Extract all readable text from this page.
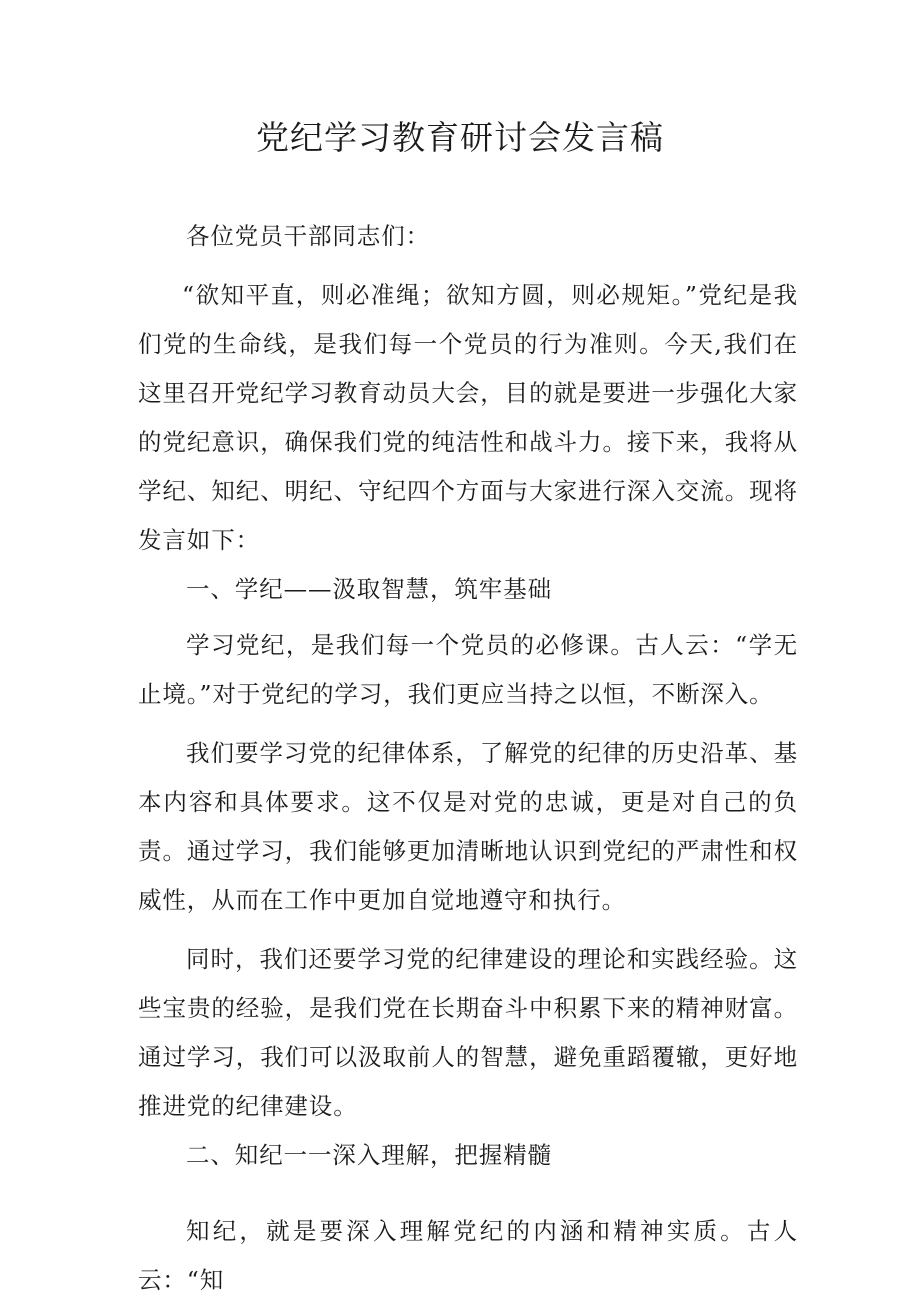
党纪学习教育研讨会发言稿

各位党员干部同志们：

“欲知平直，则必准绳；欲知方圆，则必规矩。”党纪是我们党的生命线，是我们每一个党员的行为准则。今天,我们在这里召开党纪学习教育动员大会，目的就是要进一步强化大家的党纪意识，确保我们党的纯洁性和战斗力。接下来，我将从学纪、知纪、明纪、守纪四个方面与大家进行深入交流。现将发言如下：

一、学纪——汲取智慧，筑牢基础

学习党纪，是我们每一个党员的必修课。古人云：“学无止境。”对于党纪的学习，我们更应当持之以恒，不断深入。

我们要学习党的纪律体系，了解党的纪律的历史沿革、基本内容和具体要求。这不仅是对党的忠诚，更是对自己的负责。通过学习，我们能够更加清晰地认识到党纪的严肃性和权威性，从而在工作中更加自觉地遵守和执行。

同时，我们还要学习党的纪律建设的理论和实践经验。这些宝贵的经验，是我们党在长期奋斗中积累下来的精神财富。通过学习，我们可以汲取前人的智慧，避免重蹈覆辙，更好地推进党的纪律建设。

二、知纪一一深入理解，把握精髓

知纪，就是要深入理解党纪的内涵和精神实质。古人云：“知
